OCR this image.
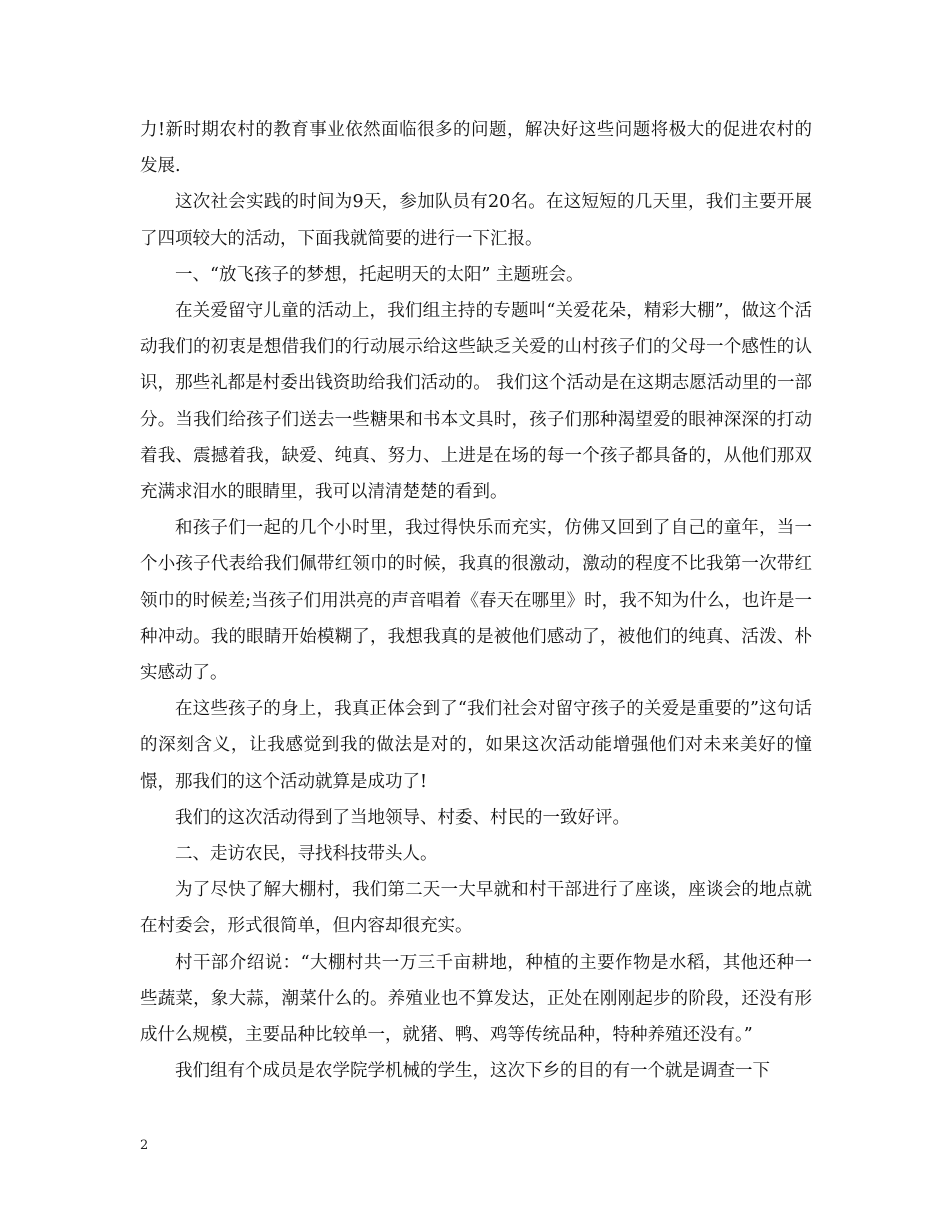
力!新时期农村的教育事业依然面临很多的问题，解决好这些问题将极大的促进农村的发展.

这次社会实践的时间为9天，参加队员有20名。在这短短的几天里，我们主要开展了四项较大的活动，下面我就简要的进行一下汇报。

一、“放飞孩子的梦想，托起明天的太阳” 主题班会。

在关爱留守儿童的活动上，我们组主持的专题叫“关爱花朵，精彩大棚”，做这个活动我们的初衷是想借我们的行动展示给这些缺乏关爱的山村孩子们的父母一个感性的认识，那些礼都是村委出钱资助给我们活动的。 我们这个活动是在这期志愿活动里的一部分。当我们给孩子们送去一些糖果和书本文具时，孩子们那种渴望爱的眼神深深的打动着我、震撼着我，缺爱、纯真、努力、上进是在场的每一个孩子都具备的，从他们那双充满求泪水的眼睛里，我可以清清楚楚的看到。

和孩子们一起的几个小时里，我过得快乐而充实，仿佛又回到了自己的童年，当一个小孩子代表给我们佩带红领巾的时候，我真的很激动，激动的程度不比我第一次带红领巾的时候差;当孩子们用洪亮的声音唱着《春天在哪里》时，我不知为什么，也许是一种冲动。我的眼睛开始模糊了，我想我真的是被他们感动了，被他们的纯真、活泼、朴实感动了。

在这些孩子的身上，我真正体会到了“我们社会对留守孩子的关爱是重要的”这句话的深刻含义，让我感觉到我的做法是对的，如果这次活动能增强他们对未来美好的憧憬，那我们的这个活动就算是成功了!

我们的这次活动得到了当地领导、村委、村民的一致好评。

二、走访农民，寻找科技带头人。

为了尽快了解大棚村，我们第二天一大早就和村干部进行了座谈，座谈会的地点就在村委会，形式很简单，但内容却很充实。

村干部介绍说：“大棚村共一万三千亩耕地，种植的主要作物是水稻，其他还种一些蔬菜，象大蒜，潮菜什么的。养殖业也不算发达，正处在刚刚起步的阶段，还没有形成什么规模，主要品种比较单一，就猪、鸭、鸡等传统品种，特种养殖还没有。”

我们组有个成员是农学院学机械的学生，这次下乡的目的有一个就是调查一下

2
